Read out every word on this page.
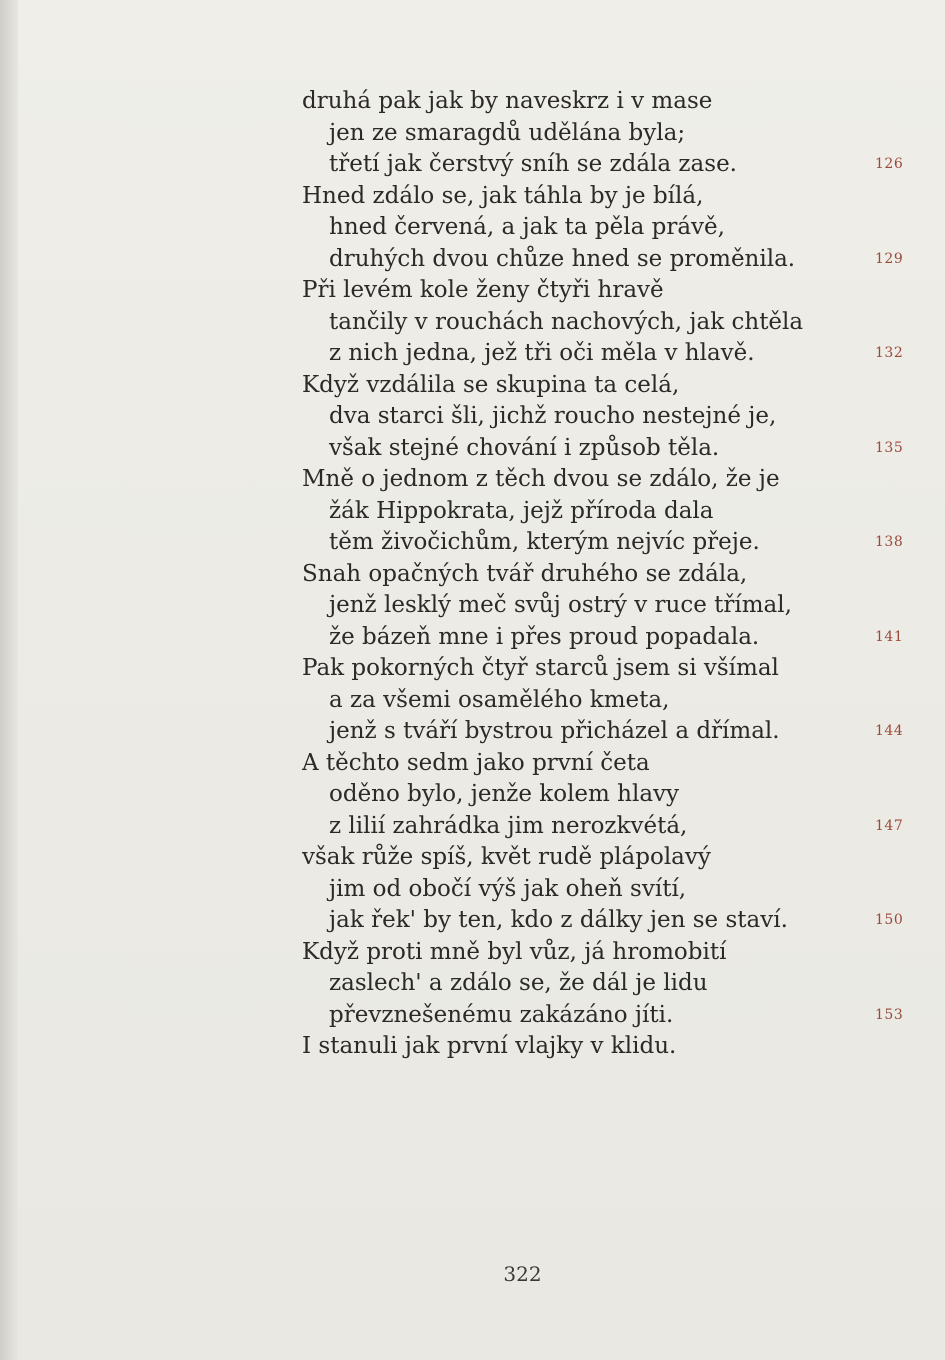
druhá pak jak by naveskrz i v mase
jen ze smaragdů udělána byla;
třetí jak čerstvý sníh se zdála zase.	126
Hned zdálo se, jak táhla by je bílá,
hned červená, a jak ta pěla právě,
druhých dvou chůze hned se proměnila.	129
Při levém kole ženy čtyři hravě
tančily v rouchách nachových, jak chtěla
z nich jedna, jež tři oči měla v hlavě.	132
Když vzdálila se skupina ta celá,
dva starci šli, jichž roucho nestejné je,
však stejné chování i způsob těla.	135
Mně o jednom z těch dvou se zdálo, že je
žák Hippokrata, jejž příroda dala
těm živočichům, kterým nejvíc přeje.	138
Snah opačných tvář druhého se zdála,
jenž lesklý meč svůj ostrý v ruce třímal,
že bázeň mne i přes proud popadala.	141
Pak pokorných čtyř starců jsem si všímal
a za všemi osamělého kmeta,
jenž s tváří bystrou přicházel a dřímal.	144
A těchto sedm jako první četa
oděno bylo, jenže kolem hlavy
z lilií zahrádka jim nerozkvétá,	147
však růže spíš, květ rudě plápolavý
jim od obočí výš jak oheň svítí,
jak řek' by ten, kdo z dálky jen se staví.	150
Když proti mně byl vůz, já hromobití
zaslech' a zdálo se, že dál je lidu
převznešenému zakázáno jíti.	153
I stanuli jak první vlajky v klidu.
322
